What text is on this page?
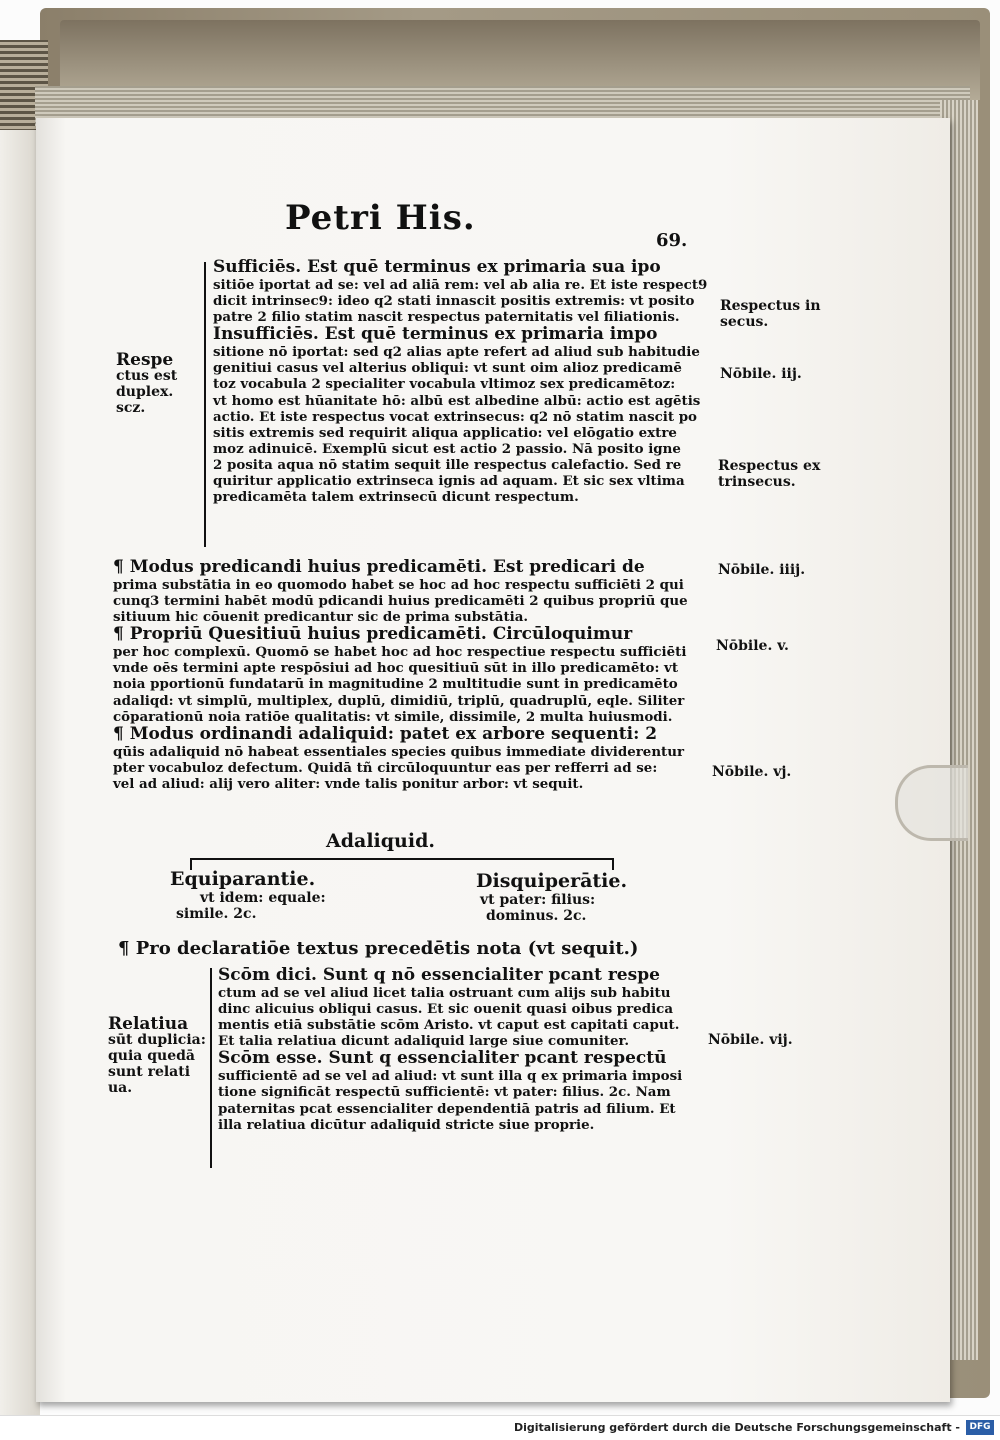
Petri His.
69.
Sufficiēs. Est quē terminus ex primaria sua ipo
sitiōe iportat ad se: vel ad aliā rem: vel ab alia re. Et iste respect9
dicit intrinsec9: ideo q2 stati innascit positis extremis: vt posito
patre 2 filio statim nascit respectus paternitatis vel filiationis.
Insufficiēs. Est quē terminus ex primaria impo
sitione nō iportat: sed q2 alias apte refert ad aliud sub habitudie
genitiui casus vel alterius obliqui: vt sunt oim alioz predicamē
toz vocabula 2 specialiter vocabula vltimoz sex predicamētoz:
vt homo est hūanitate hō: albū est albedine albū: actio est agētis
actio. Et iste respectus vocat extrinsecus: q2 nō statim nascit po
sitis extremis sed requirit aliqua applicatio: vel elōgatio extre
moz adinuicē. Exemplū sicut est actio 2 passio. Nā posito igne
2 posita aqua nō statim sequit ille respectus calefactio. Sed re
quiritur applicatio extrinseca ignis ad aquam. Et sic sex vltima
predicamēta talem extrinsecū dicunt respectum.
Respe
ctus est
duplex.
scz.
¶ Modus predicandi huius predicamēti. Est predicari de
prima substātia in eo quomodo habet se hoc ad hoc respectu sufficiēti 2 qui
cunq3 termini habēt modū pdicandi huius predicamēti 2 quibus propriū que
sitiuum hic cōuenit predicantur sic de prima substātia.
¶ Propriū Quesitiuū huius predicamēti. Circūloquimur
per hoc complexū. Quomō se habet hoc ad hoc respectiue respectu sufficiēti
vnde oēs termini apte respōsiui ad hoc quesitiuū sūt in illo predicamēto: vt
noia pportionū fundatarū in magnitudine 2 multitudie sunt in predicamēto
adaliqd: vt simplū, multiplex, duplū, dimidiū, triplū, quadruplū, eqle. Siliter
cōparationū noia ratiōe qualitatis: vt simile, dissimile, 2 multa huiusmodi.
¶ Modus ordinandi adaliquid: patet ex arbore sequenti: 2
qūis adaliquid nō habeat essentiales species quibus immediate dividerentur
pter vocabuloz defectum. Quidā tñ circūloquuntur eas per refferri ad se:
vel ad aliud: alij vero aliter: vnde talis ponitur arbor: vt sequit.
Adaliquid.
Equiparantie.
vt idem: equale:
simile. 2c.
Disquiperātie.
vt pater: filius:
dominus. 2c.
¶ Pro declaratiōe textus precedētis nota (vt sequit.)
Scōm dici. Sunt q nō essencialiter pcant respe
ctum ad se vel aliud licet talia ostruant cum alijs sub habitu
dinc alicuius obliqui casus. Et sic ouenit quasi oibus predica
mentis etiā substātie scōm Aristo. vt caput est capitati caput.
Et talia relatiua dicunt adaliquid large siue comuniter.
Scōm esse. Sunt q essencialiter pcant respectū
sufficientē ad se vel ad aliud: vt sunt illa q ex primaria imposi
tione significāt respectū sufficientē: vt pater: filius. 2c. Nam
paternitas pcat essencialiter dependentiā patris ad filium. Et
illa relatiua dicūtur adaliquid stricte siue proprie.
Relatiua
sūt duplicia:
quia quedā
sunt relati
ua.
Respectus in
secus.
Nōbile. iij.
Respectus ex
trinsecus.
Nōbile. iiij.
Nōbile. v.
Nōbile. vj.
Nōbile. vij.
Digitalisierung gefördert durch die Deutsche Forschungsgemeinschaft -	DFG
